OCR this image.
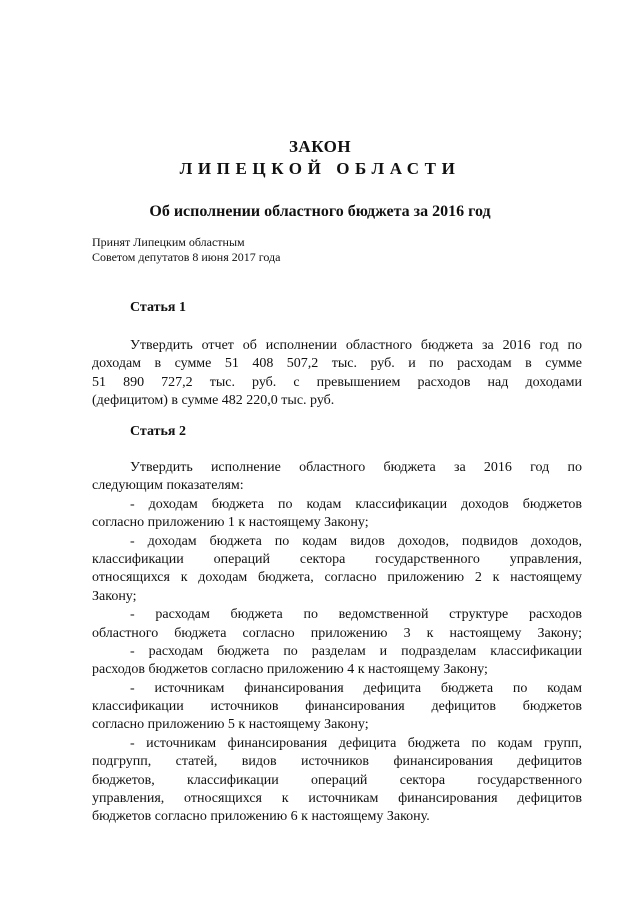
ЗАКОН
ЛИПЕЦКОЙ ОБЛАСТИ
Об исполнении областного бюджета за 2016 год
Принят Липецким областным
Советом депутатов 8 июня 2017 года
Статья 1
Утвердить отчет об исполнении областного бюджета за 2016 год по
доходам в сумме 51 408 507,2 тыс. руб. и по расходам в сумме
51 890 727,2 тыс. руб. с превышением расходов над доходами
(дефицитом) в сумме 482 220,0 тыс. руб.
Статья 2
Утвердить исполнение областного бюджета за 2016 год по
следующим показателям:
- доходам бюджета по кодам классификации доходов бюджетов
согласно приложению 1 к настоящему Закону;
- доходам бюджета по кодам видов доходов, подвидов доходов,
классификации операций сектора государственного управления,
относящихся к доходам бюджета, согласно приложению 2 к настоящему
Закону;
- расходам бюджета по ведомственной структуре расходов
областного бюджета согласно приложению 3 к настоящему Закону;
- расходам бюджета по разделам и подразделам классификации
расходов бюджетов согласно приложению 4 к настоящему Закону;
- источникам финансирования дефицита бюджета по кодам
классификации источников финансирования дефицитов бюджетов
согласно приложению 5 к настоящему Закону;
- источникам финансирования дефицита бюджета по кодам групп,
подгрупп, статей, видов источников финансирования дефицитов
бюджетов, классификации операций сектора государственного
управления, относящихся к источникам финансирования дефицитов
бюджетов согласно приложению 6 к настоящему Закону.
